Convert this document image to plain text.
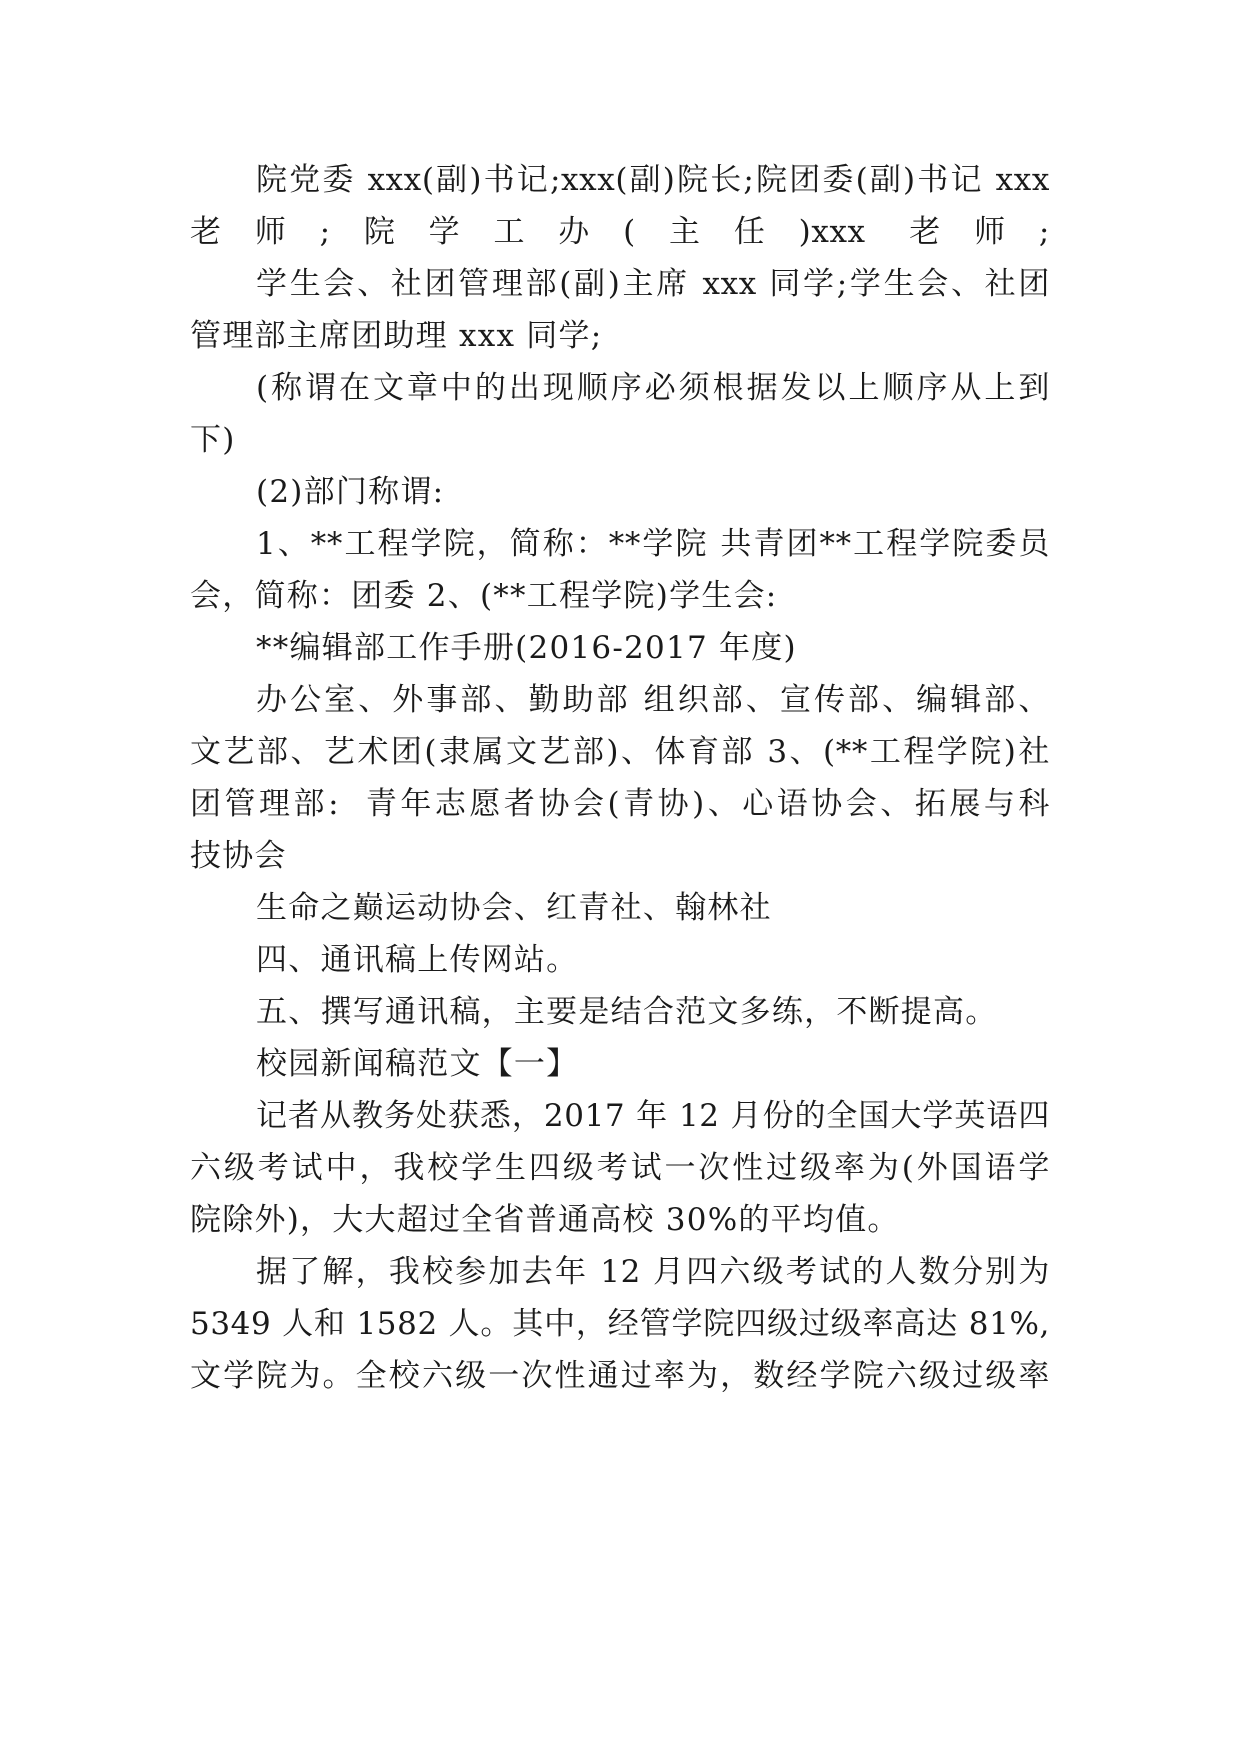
院党委 xxx(副)书记;xxx(副)院长;院团委(副)书记 xxx
老师;院学工办(主任)xxx 老师;
学生会、社团管理部(副)主席 xxx 同学;学生会、社团
管理部主席团助理 xxx 同学;
(称谓在文章中的出现顺序必须根据发以上顺序从上到
下)
(2)部门称谓:
1、**工程学院，简称：**学院 共青团**工程学院委员
会，简称：团委 2、(**工程学院)学生会:
**编辑部工作手册(2016-2017 年度)
办公室、外事部、勤助部 组织部、宣传部、编辑部、
文艺部、艺术团(隶属文艺部)、体育部 3、(**工程学院)社
团管理部:  青年志愿者协会(青协)、心语协会、拓展与科
技协会
生命之巅运动协会、红青社、翰林社
四、通讯稿上传网站。
五、撰写通讯稿，主要是结合范文多练，不断提高。
校园新闻稿范文【一】
记者从教务处获悉，2017 年 12 月份的全国大学英语四
六级考试中，我校学生四级考试一次性过级率为(外国语学
院除外)，大大超过全省普通高校 30%的平均值。
据了解，我校参加去年 12 月四六级考试的人数分别为
5349 人和 1582 人。其中，经管学院四级过级率高达 81%,
文学院为。全校六级一次性通过率为，数经学院六级过级率
